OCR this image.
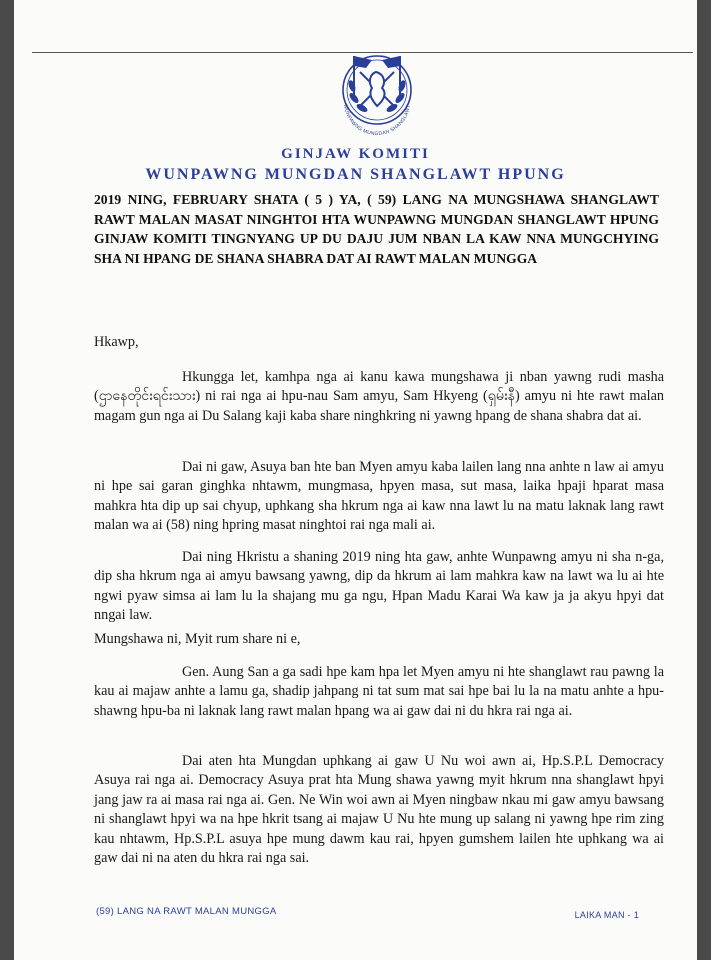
WUNPAWNG MUNGDAN SHANGLAWT
GINJAW KOMITI
WUNPAWNG MUNGDAN SHANGLAWT HPUNG
2019 NING, FEBRUARY SHATA ( 5 ) YA, ( 59) LANG NA MUNGSHAWA SHANGLAWT RAWT MALAN MASAT NINGHTOI HTA WUNPAWNG MUNGDAN SHANGLAWT HPUNG GINJAW KOMITI TINGNYANG UP DU DAJU JUM NBAN LA KAW NNA MUNGCHYING SHA NI HPANG DE SHANA SHABRA DAT AI RAWT MALAN MUNGGA
Hkawp,
Hkungga let, kamhpa nga ai kanu kawa mungshawa ji nban yawng rudi masha (ဌာနေတိုင်းရင်းသား) ni rai nga ai hpu-nau Sam amyu, Sam Hkyeng (ရှမ်းနီ) amyu ni hte rawt malan magam gun nga ai Du Salang kaji kaba share ninghkring ni yawng hpang de shana shabra dat ai.
Dai ni gaw, Asuya ban hte ban Myen amyu kaba lailen lang nna anhte n law ai amyu ni hpe sai garan ginghka nhtawm, mungmasa, hpyen masa, sut masa, laika hpaji hparat masa mahkra hta dip up sai chyup, uphkang sha hkrum nga ai kaw nna lawt lu na matu laknak lang rawt malan wa ai (58) ning hpring masat ninghtoi rai nga mali ai.
Dai ning Hkristu a shaning 2019 ning hta gaw, anhte Wunpawng amyu ni sha n-ga, dip sha hkrum nga ai amyu bawsang yawng, dip da hkrum ai lam mahkra kaw na lawt wa lu ai hte ngwi pyaw simsa ai lam lu la shajang mu ga ngu, Hpan Madu Karai Wa kaw ja ja akyu hpyi dat nngai law.
Mungshawa ni, Myit rum share ni e,
Gen. Aung San a ga sadi hpe kam hpa let Myen amyu ni hte shanglawt rau pawng la kau ai majaw anhte a lamu ga, shadip jahpang ni tat sum mat sai hpe bai lu la na matu anhte a hpu-shawng hpu-ba ni laknak lang rawt malan hpang wa ai gaw dai ni du hkra rai nga ai.
Dai aten hta Mungdan uphkang ai gaw U Nu woi awn ai, Hp.S.P.L Democracy Asuya rai nga ai. Democracy Asuya prat hta Mung shawa yawng myit hkrum nna shanglawt hpyi jang jaw ra ai masa rai nga ai. Gen. Ne Win woi awn ai Myen ningbaw nkau mi gaw amyu bawsang ni shanglawt hpyi wa na hpe hkrit tsang ai majaw U Nu hte mung up salang ni yawng hpe rim zing kau nhtawm, Hp.S.P.L asuya hpe mung dawm kau rai, hpyen gumshem lailen hte uphkang wa ai gaw dai ni na aten du hkra rai nga sai.
(59) LANG NA RAWT MALAN MUNGGA	LAIKA MAN - 1
